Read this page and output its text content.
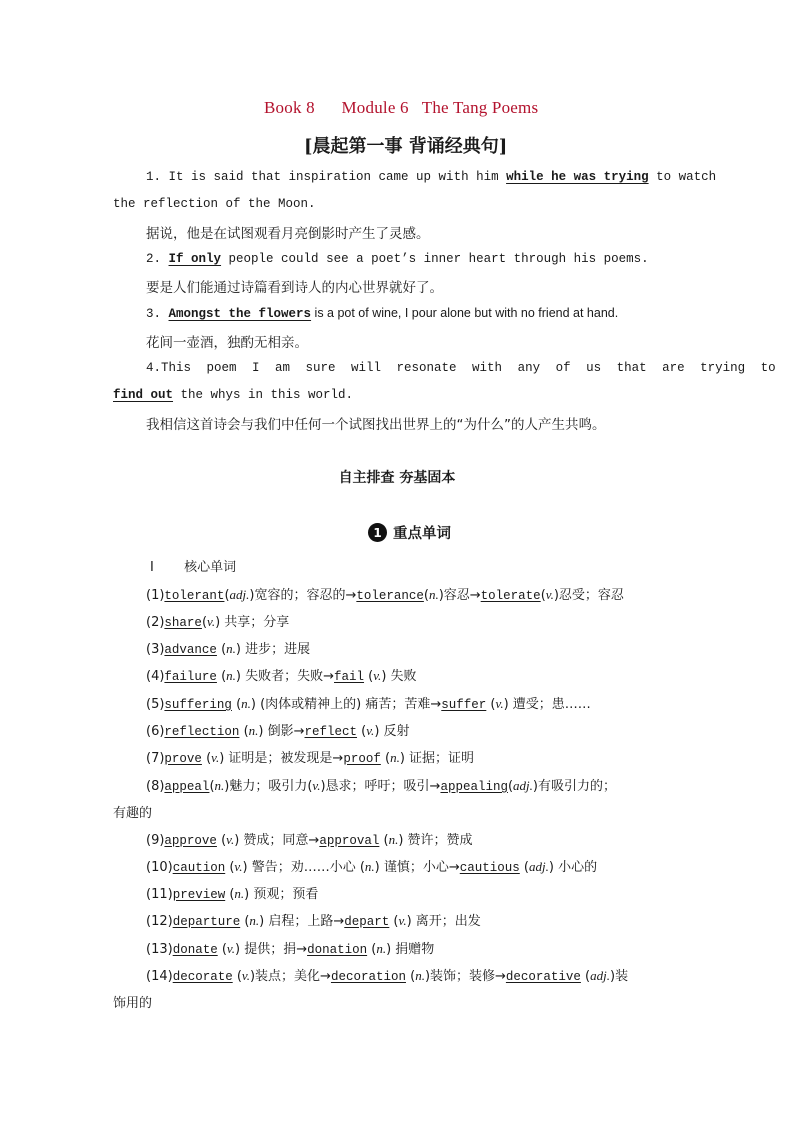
Book 8      Module 6   The Tang Poems
[晨起第一事 背诵经典句]
1. It is said that inspiration came up with him while he was trying to watch
the reflection of the Moon.
据说，他是在试图观看月亮倒影时产生了灵感。
2. If only people could see a poet’s inner heart through his poems.
要是人们能通过诗篇看到诗人的内心世界就好了。
3. Amongst the flowers is a pot of wine, I pour alone but with no friend at hand.
花间一壶酒，独酌无相亲。
4. This poem I am sure will resonate with any of us that are trying to
find out the whys in this world.
我相信这首诗会与我们中任何一个试图找出世界上的“为什么”的人产生共鸣。
自主排查 夯基固本
1 重点单词
Ⅰ 核心单词
(1)tolerant(adj.)宽容的；容忍的→tolerance(n.)容忍→tolerate(v.)忍受；容忍
(2)share(v.) 共享；分享
(3)advance (n.) 进步；进展
(4)failure (n.) 失败者；失败→fail (v.) 失败
(5)suffering (n.) (肉体或精神上的) 痛苦；苦难→suffer (v.) 遭受；患……
(6)reflection (n.) 倒影→reflect (v.) 反射
(7)prove (v.) 证明是；被发现是→proof (n.) 证据；证明
(8)appeal(n.)魅力；吸引力(v.)恳求；呼吁；吸引→appealing(adj.)有吸引力的；
有趣的
(9)approve (v.) 赞成；同意→approval (n.) 赞许；赞成
(10)caution (v.) 警告；劝……小心 (n.) 谨慎；小心→cautious (adj.) 小心的
(11)preview (n.) 预观；预看
(12)departure (n.) 启程；上路→depart (v.) 离开；出发
(13)donate (v.) 提供；捐→donation (n.) 捐赠物
(14)decorate (v.)装点；美化→decoration (n.)装饰；装修→decorative (adj.)装
饰用的
